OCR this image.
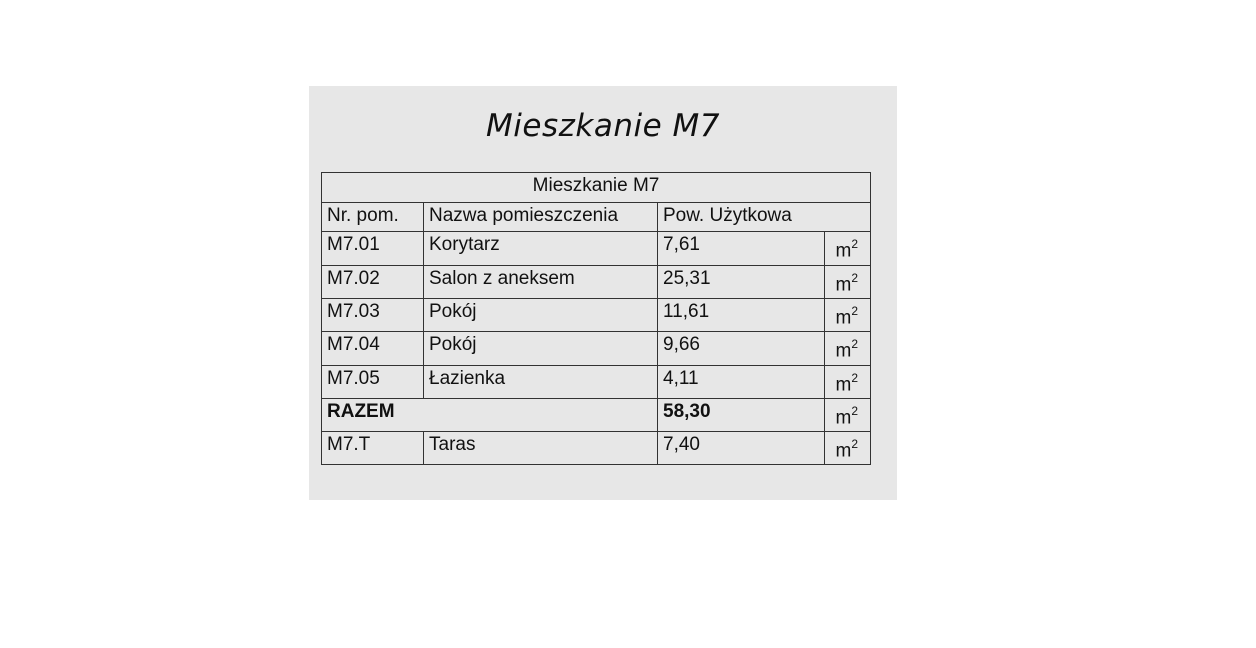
Mieszkanie M7
Mieszkanie M7			
Nr. pom.	Nazwa pomieszczenia	Pow. Użytkowa	
M7.01	Korytarz	7,61	$m^2$
M7.02	Salon z aneksem	25,31	$m^2$
M7.03	Pokój	11,61	$m^2$
M7.04	Pokój	9,66	$m^2$
M7.05	Łazienka	4,11	$m^2$
RAZEM		58,30	$m^2$
M7.T	Taras	7,40	$m^2$
